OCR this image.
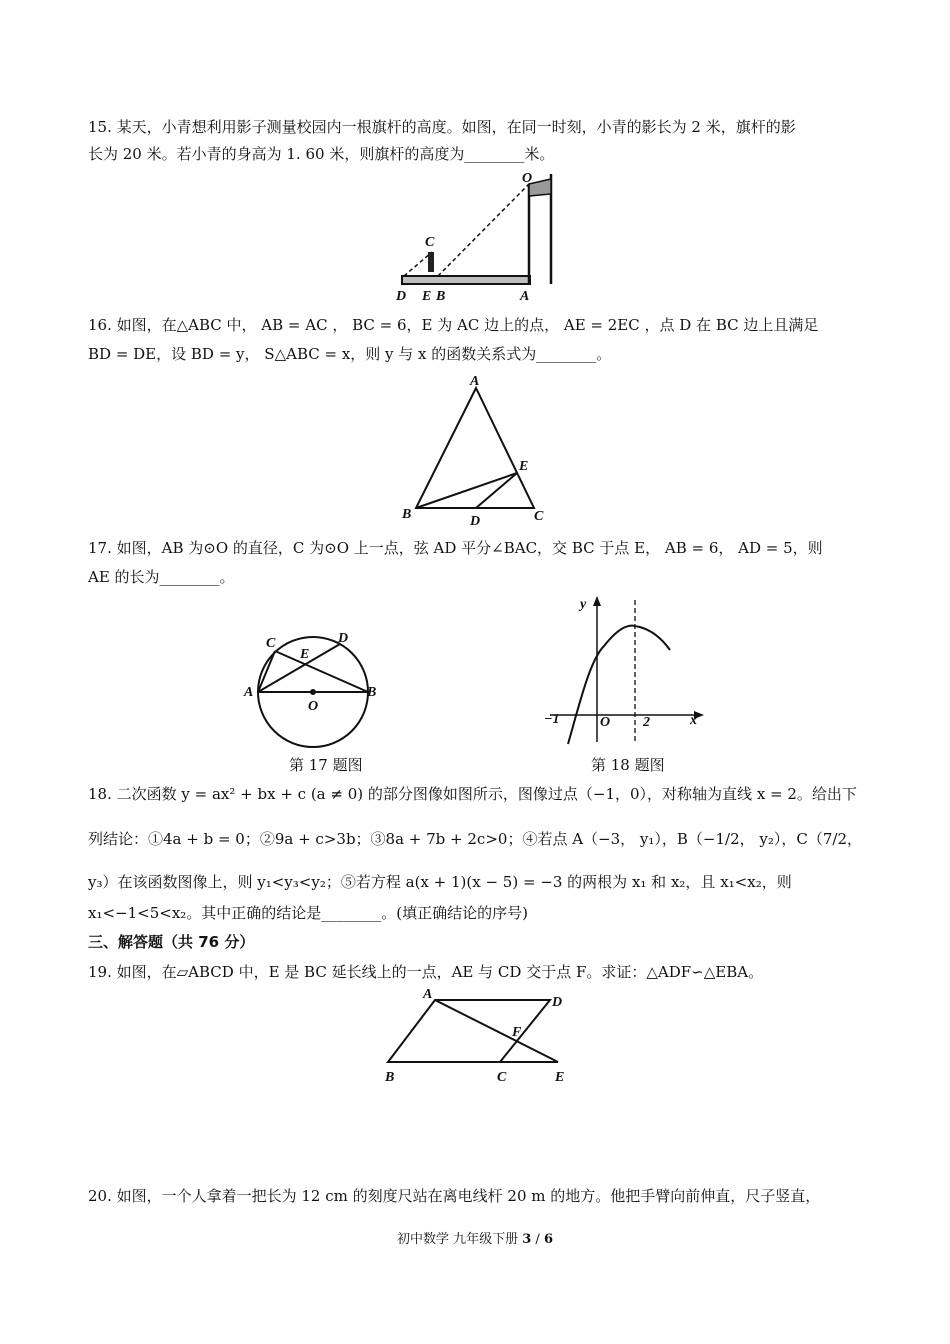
15. 某天，小青想利用影子测量校园内一根旗杆的高度。如图，在同一时刻，小青的影长为 2 米，旗杆的影
长为 20 米。若小青的身高为 1. 60 米，则旗杆的高度为________米。
O
C
D E B	A
16. 如图，在△ABC 中， AB = AC ， BC = 6，E 为 AC 边上的点， AE = 2EC ，点 D 在 BC 边上且满足
BD = DE，设 BD = y， S△ABC = x，则 y 与 x 的函数关系式为________。
A
B	C
D
E
17. 如图，AB 为⊙O 的直径，C 为⊙O 上一点，弦 AD 平分∠BAC，交 BC 于点 E， AB = 6， AD = 5，则
AE 的长为________。
C	D
E
A	B
O
第 17 题图
y
x
−1	O 2
第 18 题图
18. 二次函数 y = ax² + bx + c (a ≠ 0) 的部分图像如图所示，图像过点（−1，0），对称轴为直线 x = 2。给出下
列结论：①4a + b = 0；②9a + c>3b；③8a + 7b + 2c>0；④若点 A（−3， y₁），B（−1/2， y₂），C（7/2，
y₃）在该函数图像上，则 y₁<y₃<y₂；⑤若方程 a(x + 1)(x − 5) = −3 的两根为 x₁ 和 x₂，且 x₁<x₂，则
x₁<−1<5<x₂。其中正确的结论是________。(填正确结论的序号)
三、解答题（共 76 分）
19. 如图，在▱ABCD 中，E 是 BC 延长线上的一点，AE 与 CD 交于点 F。求证：△ADF∽△EBA。
A
D
F
B	C	E
20. 如图，一个人拿着一把长为 12 cm 的刻度尺站在离电线杆 20 m 的地方。他把手臂向前伸直，尺子竖直，
初中数学 九年级下册 3 / 6
